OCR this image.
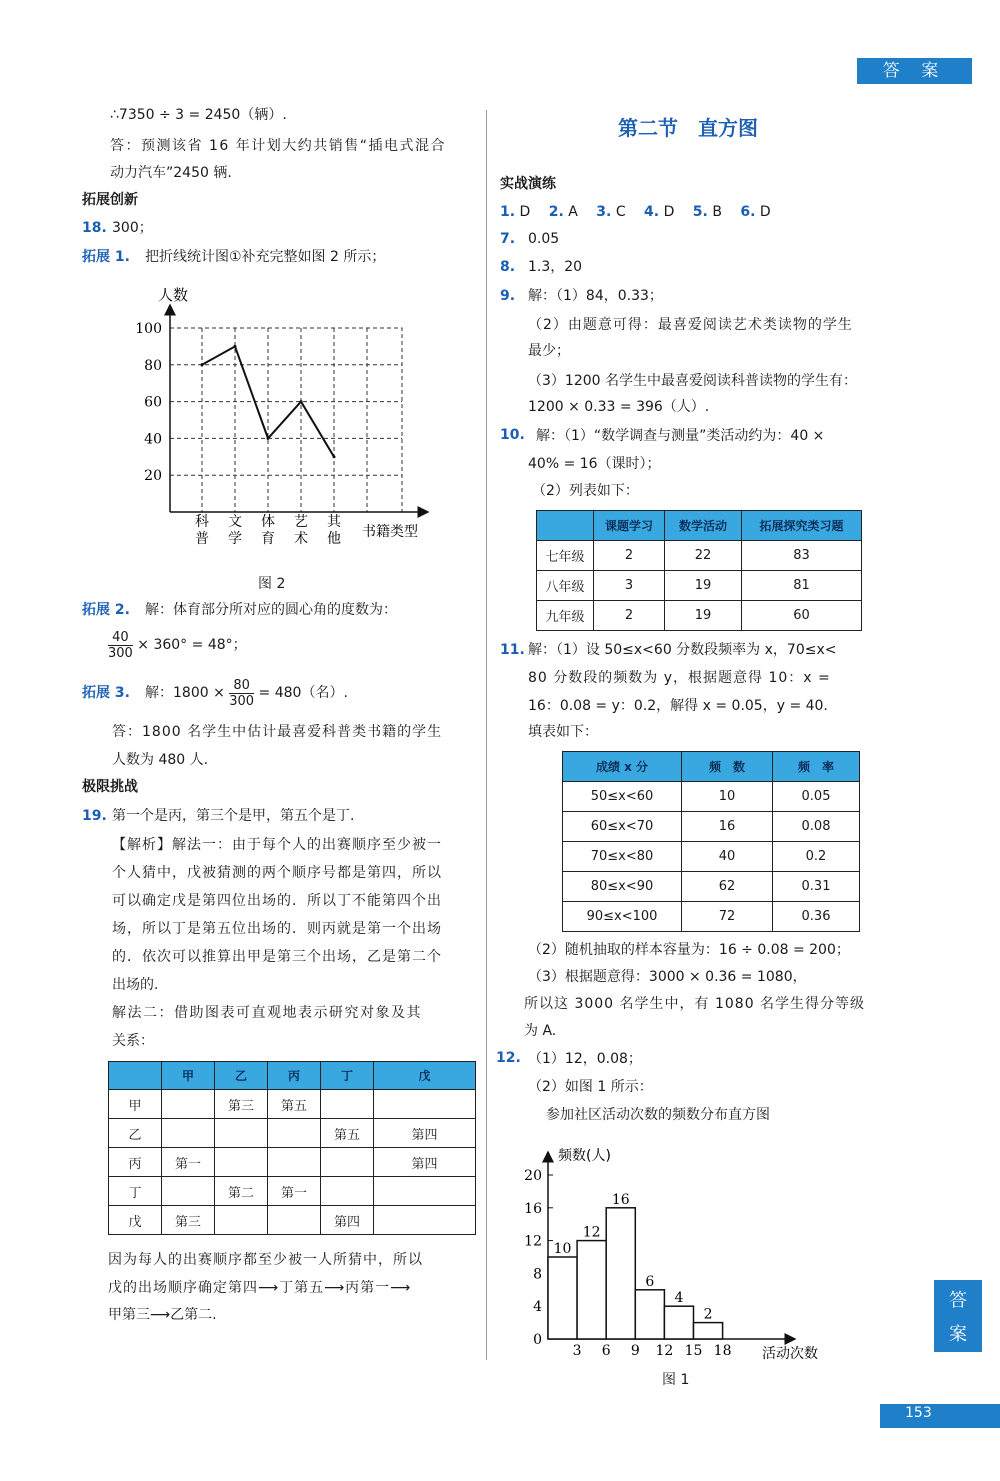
答 案
答
案
153
∴7350 ÷ 3 = 2450（辆）.
答：预测该省 16 年计划大约共销售“插电式混合
动力汽车”2450 辆.
拓展创新
18. 300；
拓展 1. 把折线统计图①补充完整如图 2 所示；
人数
书籍类型
20
40
60
80
100
科普
文学
体育
艺术
其他
图 2
拓展 2. 解：体育部分所对应的圆心角的度数为：
$\frac{40}{300} \times 360^\circ = 48^\circ$；
拓展 3. 解：$1800 \times \frac{80}{300} = 480$（名）.
答：1800 名学生中估计最喜爱科普类书籍的学生
人数为 480 人.
极限挑战
19. 第一个是丙，第三个是甲，第五个是丁.
【解析】解法一：由于每个人的出赛顺序至少被一
个人猜中，戊被猜测的两个顺序号都是第四，所以
可以确定戊是第四位出场的．所以丁不能第四个出
场，所以丁是第五位出场的．则丙就是第一个出场
的．依次可以推算出甲是第三个出场，乙是第二个
出场的.
解法二：借助图表可直观地表示研究对象及其
关系：
	甲	乙	丙	丁	戊
甲		第三	第五		
乙				第五	第四
丙	第一				第四
丁		第二	第一		
戊	第三			第四	
因为每人的出赛顺序都至少被一人所猜中，所以
戊的出场顺序确定第四⟶丁第五⟶丙第一⟶
甲第三⟶乙第二.
第二节　直方图
实战演练
1. D 2. A 3. C 4. D 5. B 6. D
7. 0.05
8. 1.3，20
9. 解：（1）84，0.33；
（2）由题意可得：最喜爱阅读艺术类读物的学生
最少；
（3）1200 名学生中最喜爱阅读科普读物的学生有：
1200 × 0.33 = 396（人）.
10. 解：（1）“数学调查与测量”类活动约为：40 ×
40% = 16（课时）；
（2）列表如下：
	课题学习	数学活动	拓展探究类习题
七年级	2	22	83
八年级	3	19	81
九年级	2	19	60
11. 解：（1）设 50≤x<60 分数段频率为 x，70≤x<
80 分数段的频数为 y，根据题意得 10：x =
16：0.08 = y：0.2，解得 x = 0.05，y = 40.
填表如下：
成绩 x 分	频　数	频　率
50≤x<60	10	0.05
60≤x<70	16	0.08
70≤x<80	40	0.2
80≤x<90	62	0.31
90≤x<100	72	0.36
（2）随机抽取的样本容量为：16 ÷ 0.08 = 200；
（3）根据题意得：3000 × 0.36 = 1080，
所以这 3000 名学生中，有 1080 名学生得分等级
为 A.
12. （1）12，0.08；
（2）如图 1 所示：
参加社区活动次数的频数分布直方图
频数(人)
活动次数
0
4
8
12
16
20
10
12
16
6
4
2
3 6 9 12 15 18
图 1
